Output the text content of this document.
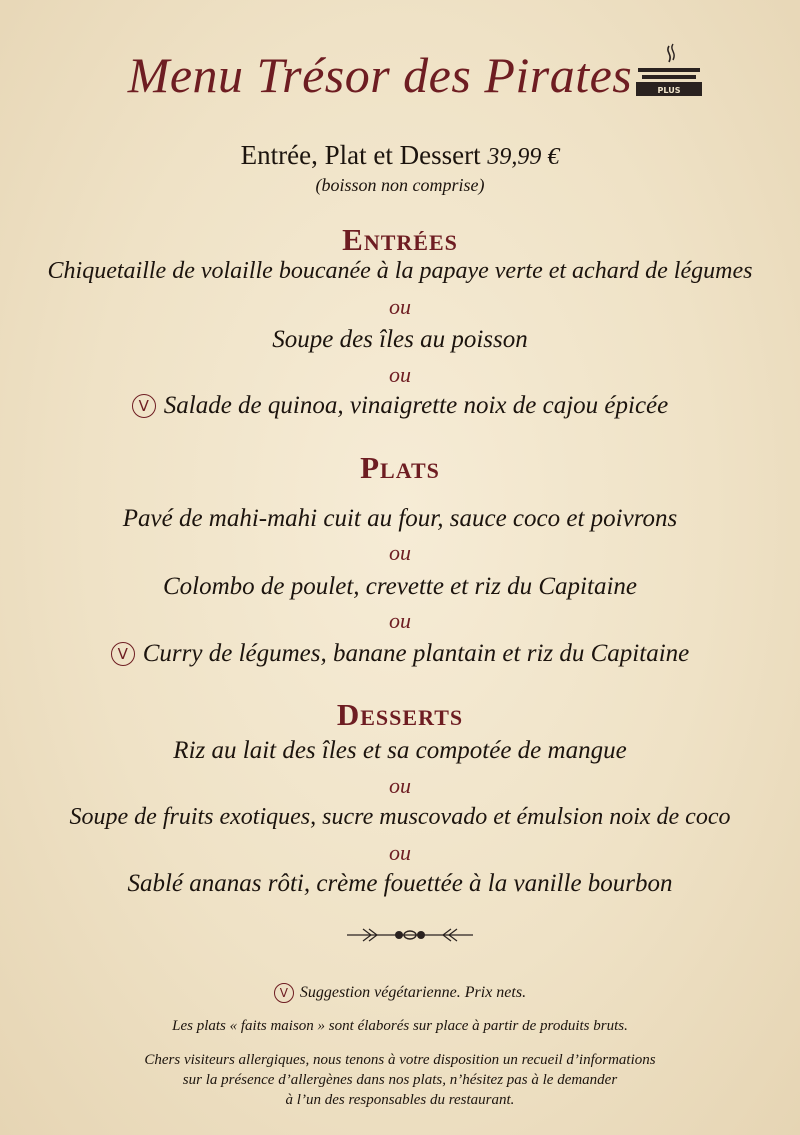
Menu Trésor des Pirates	PLUS
Entrée, Plat et Dessert 39,99 €
(boisson non comprise)
Entrées
Chiquetaille de volaille boucanée à la papaye verte et achard de légumes
ou
Soupe des îles au poisson
ou
V Salade de quinoa, vinaigrette noix de cajou épicée
Plats
Pavé de mahi-mahi cuit au four, sauce coco et poivrons
ou
Colombo de poulet, crevette et riz du Capitaine
ou
V Curry de légumes, banane plantain et riz du Capitaine
Desserts
Riz au lait des îles et sa compotée de mangue
ou
Soupe de fruits exotiques, sucre muscovado et émulsion noix de coco
ou
Sablé ananas rôti, crème fouettée à la vanille bourbon
V Suggestion végétarienne. Prix nets.
Les plats « faits maison » sont élaborés sur place à partir de produits bruts.
Chers visiteurs allergiques, nous tenons à votre disposition un recueil d’informations
sur la présence d’allergènes dans nos plats, n’hésitez pas à le demander
à l’un des responsables du restaurant.
